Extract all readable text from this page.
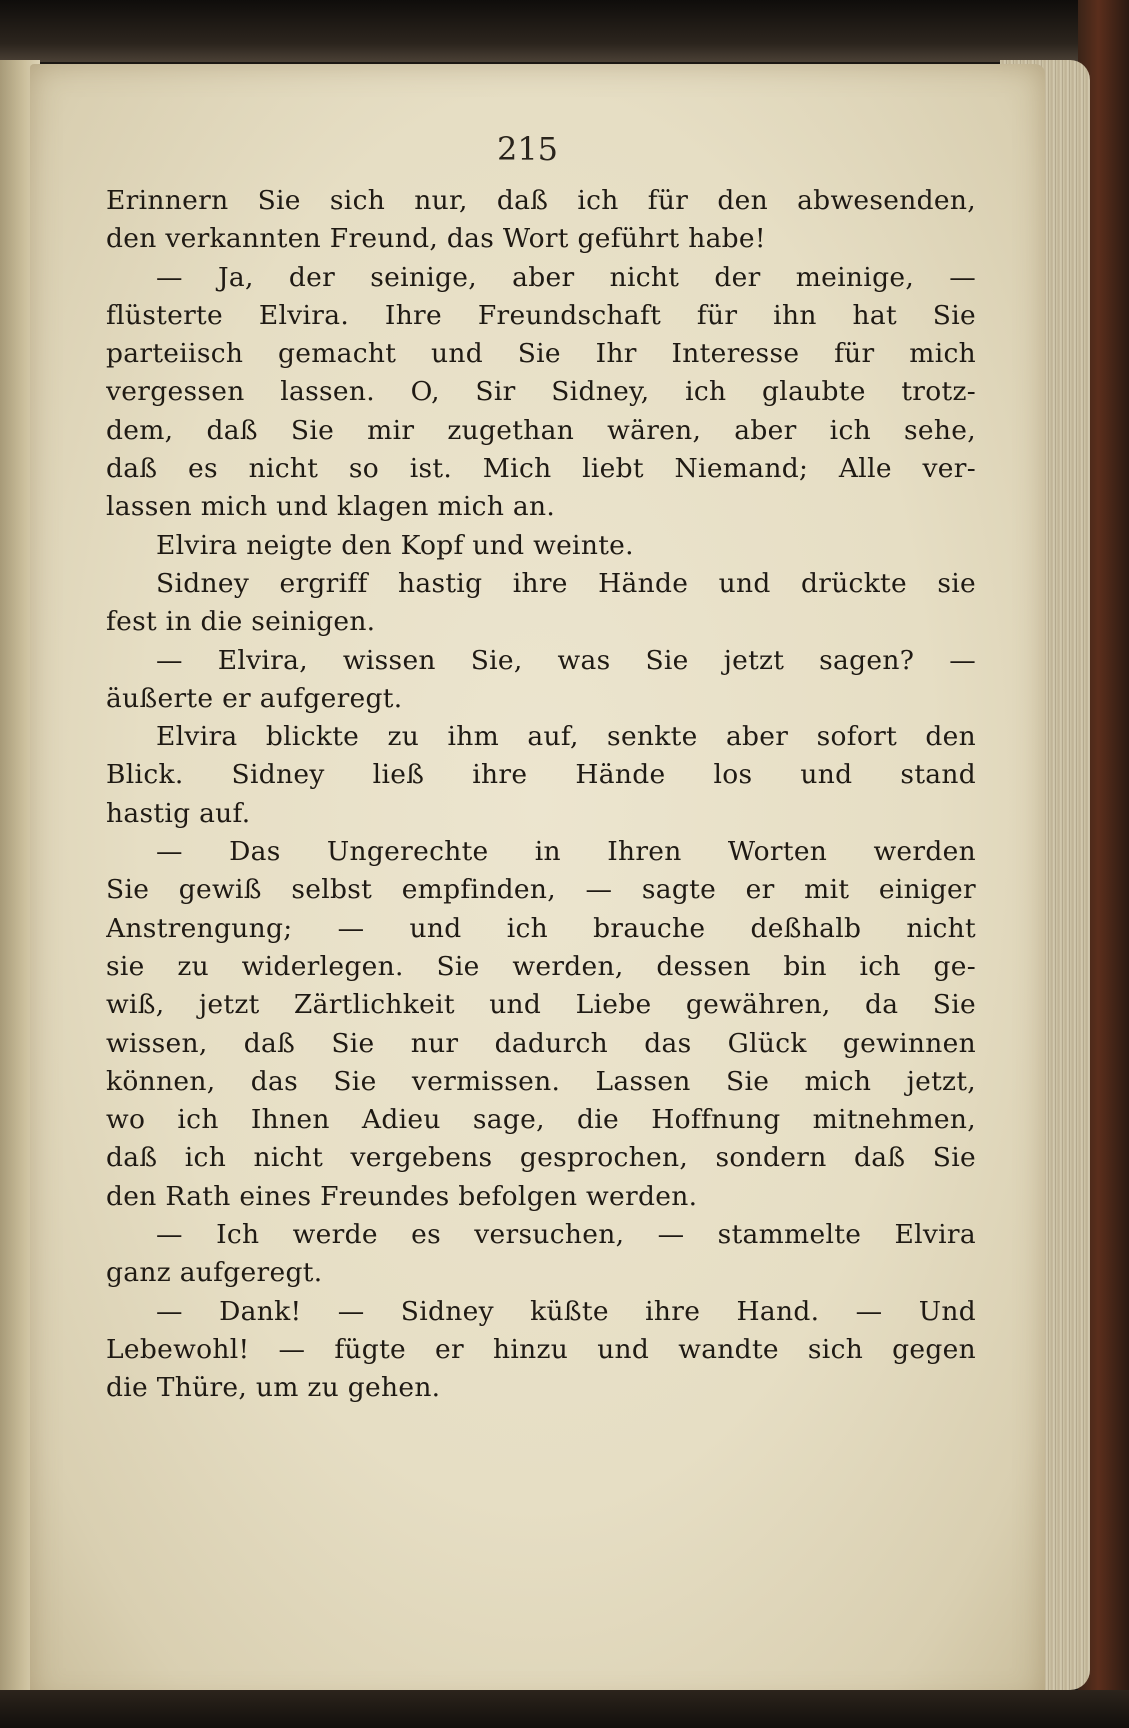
215
Erinnern Sie sich nur, daß ich für den abwesenden,
den verkannten Freund, das Wort geführt habe!
— Ja, der seinige, aber nicht der meinige, —
flüsterte Elvira. Ihre Freundschaft für ihn hat Sie
parteiisch gemacht und Sie Ihr Interesse für mich
vergessen lassen. O, Sir Sidney, ich glaubte trotz-
dem, daß Sie mir zugethan wären, aber ich sehe,
daß es nicht so ist. Mich liebt Niemand; Alle ver-
lassen mich und klagen mich an.
Elvira neigte den Kopf und weinte.
Sidney ergriff hastig ihre Hände und drückte sie
fest in die seinigen.
— Elvira, wissen Sie, was Sie jetzt sagen? —
äußerte er aufgeregt.
Elvira blickte zu ihm auf, senkte aber sofort den
Blick. Sidney ließ ihre Hände los und stand
hastig auf.
— Das Ungerechte in Ihren Worten werden
Sie gewiß selbst empfinden, — sagte er mit einiger
Anstrengung; — und ich brauche deßhalb nicht
sie zu widerlegen. Sie werden, dessen bin ich ge-
wiß, jetzt Zärtlichkeit und Liebe gewähren, da Sie
wissen, daß Sie nur dadurch das Glück gewinnen
können, das Sie vermissen. Lassen Sie mich jetzt,
wo ich Ihnen Adieu sage, die Hoffnung mitnehmen,
daß ich nicht vergebens gesprochen, sondern daß Sie
den Rath eines Freundes befolgen werden.
— Ich werde es versuchen, — stammelte Elvira
ganz aufgeregt.
— Dank! — Sidney küßte ihre Hand. — Und
Lebewohl! — fügte er hinzu und wandte sich gegen
die Thüre, um zu gehen.
